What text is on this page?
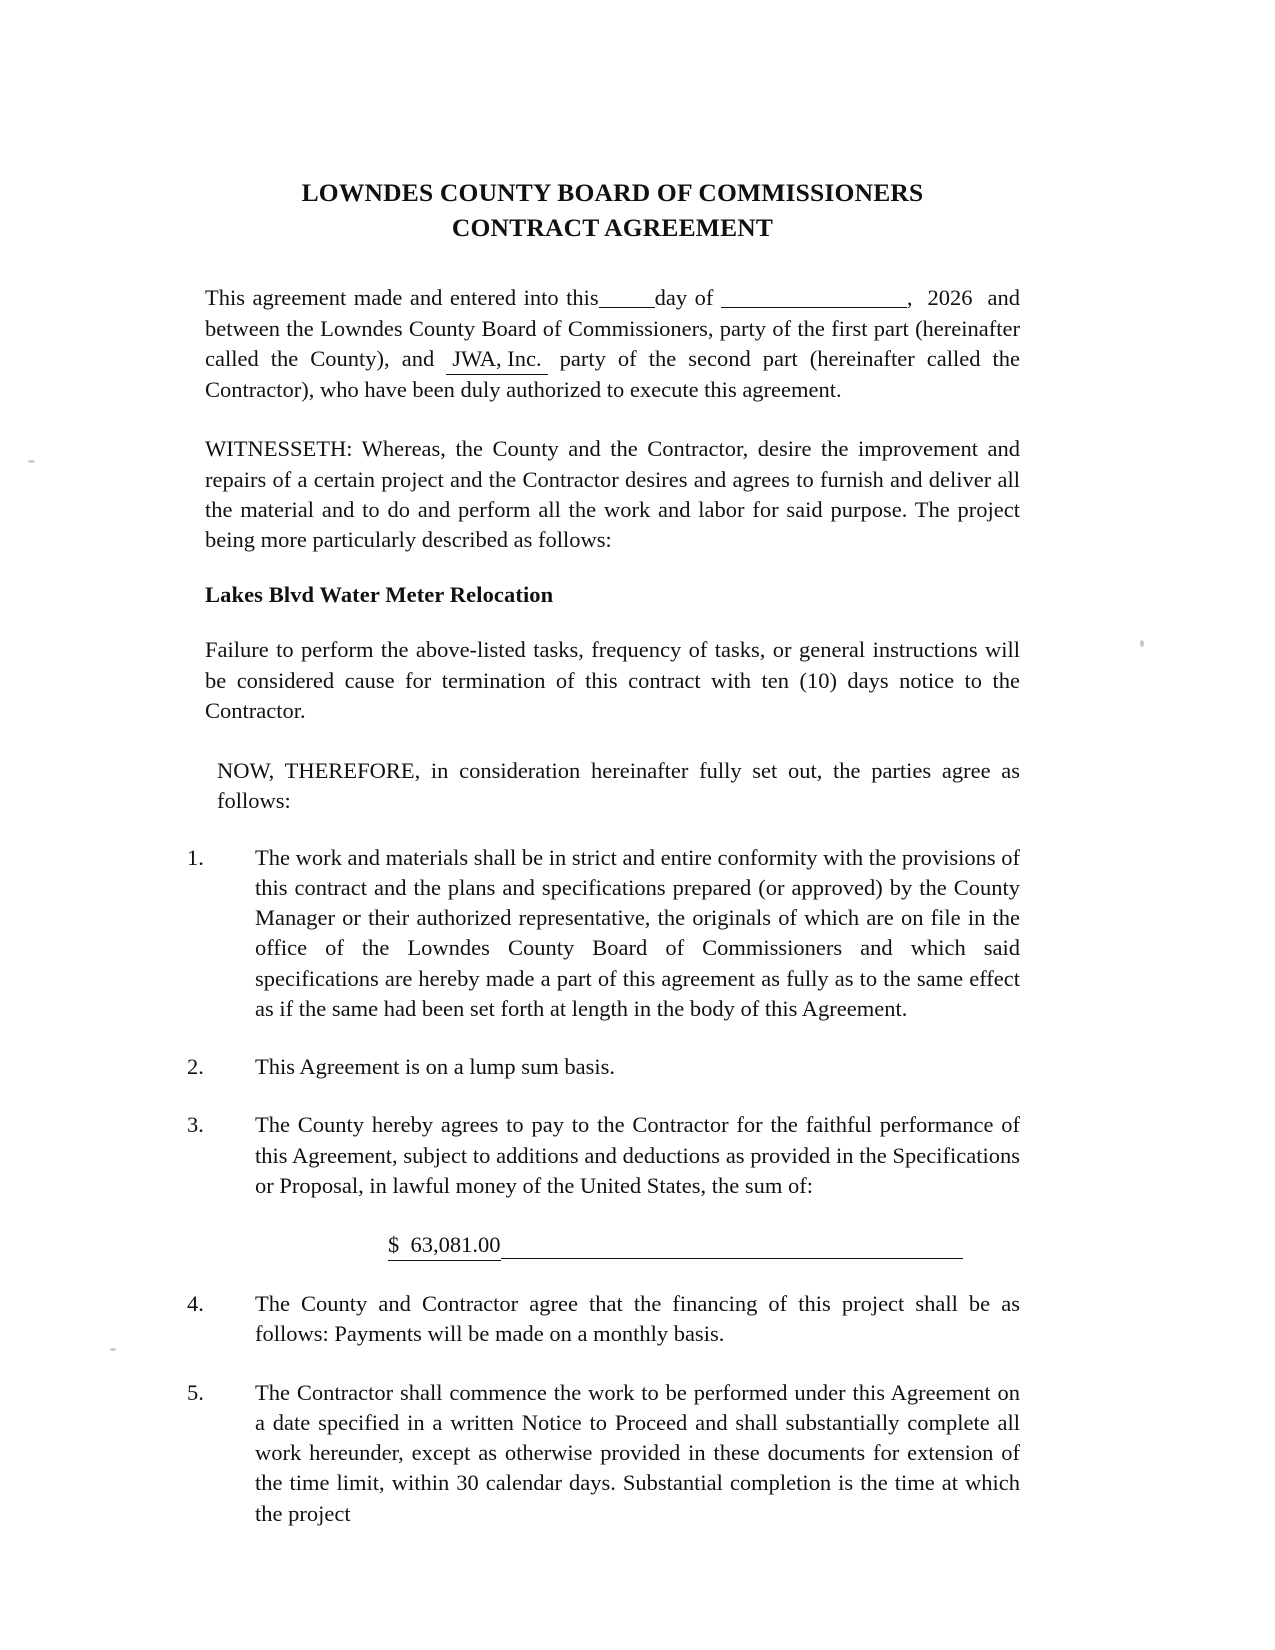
LOWNDES COUNTY BOARD OF COMMISSIONERS
CONTRACT AGREEMENT

This agreement made and entered into this day of	, 2026 and between the Lowndes County Board of Commissioners, party of the first part (hereinafter called the County), and JWA, Inc. party of the second part (hereinafter called the Contractor), who have been duly authorized to execute this agreement.

WITNESSETH: Whereas, the County and the Contractor, desire the improvement and repairs of a certain project and the Contractor desires and agrees to furnish and deliver all the material and to do and perform all the work and labor for said purpose. The project being more particularly described as follows:

Lakes Blvd Water Meter Relocation

Failure to perform the above-listed tasks, frequency of tasks, or general instructions will be considered cause for termination of this contract with ten (10) days notice to the Contractor.

NOW, THEREFORE, in consideration hereinafter fully set out, the parties agree as follows:

1.	The work and materials shall be in strict and entire conformity with the provisions of this contract and the plans and specifications prepared (or approved) by the County Manager or their authorized representative, the originals of which are on file in the office of the Lowndes County Board of Commissioners and which said specifications are hereby made a part of this agreement as fully as to the same effect as if the same had been set forth at length in the body of this Agreement.
2.	This Agreement is on a lump sum basis.
3.	The County hereby agrees to pay to the Contractor for the faithful performance of this Agreement, subject to additions and deductions as provided in the Specifications or Proposal, in lawful money of the United States, the sum of:
$  63,081.00
4.	The County and Contractor agree that the financing of this project shall be as follows: Payments will be made on a monthly basis.
5.	The Contractor shall commence the work to be performed under this Agreement on a date specified in a written Notice to Proceed and shall substantially complete all work hereunder, except as otherwise provided in these documents for extension of the time limit, within 30 calendar days. Substantial completion is the time at which the project
